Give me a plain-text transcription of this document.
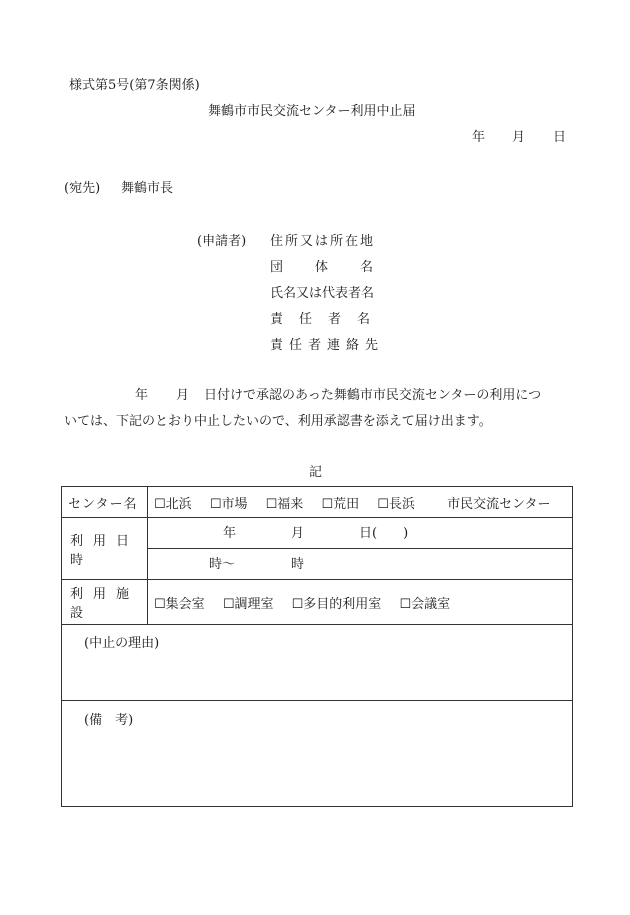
様式第5号(第7条関係)
舞鶴市市民交流センター利用中止届
年 月 日
(宛先) 舞鶴市長
(申請者) 住所又は所在地
団体名
氏名又は代表者名
責任者名
責任者連絡先
年 月 日付けで承認のあった舞鶴市市民交流センターの利用につ
いては、下記のとおり中止したいので、利用承認書を添えて届け出ます。
記
センター名	☐北浜 ☐市場 ☐福来 ☐荒田 ☐長浜 市民交流センター

利用日時	年 月 日(　　)

	時～ 時

利用施設	☐集会室 ☐調理室 ☐多目的利用室 ☐会議室
(中止の理由)	
(備　考)	
